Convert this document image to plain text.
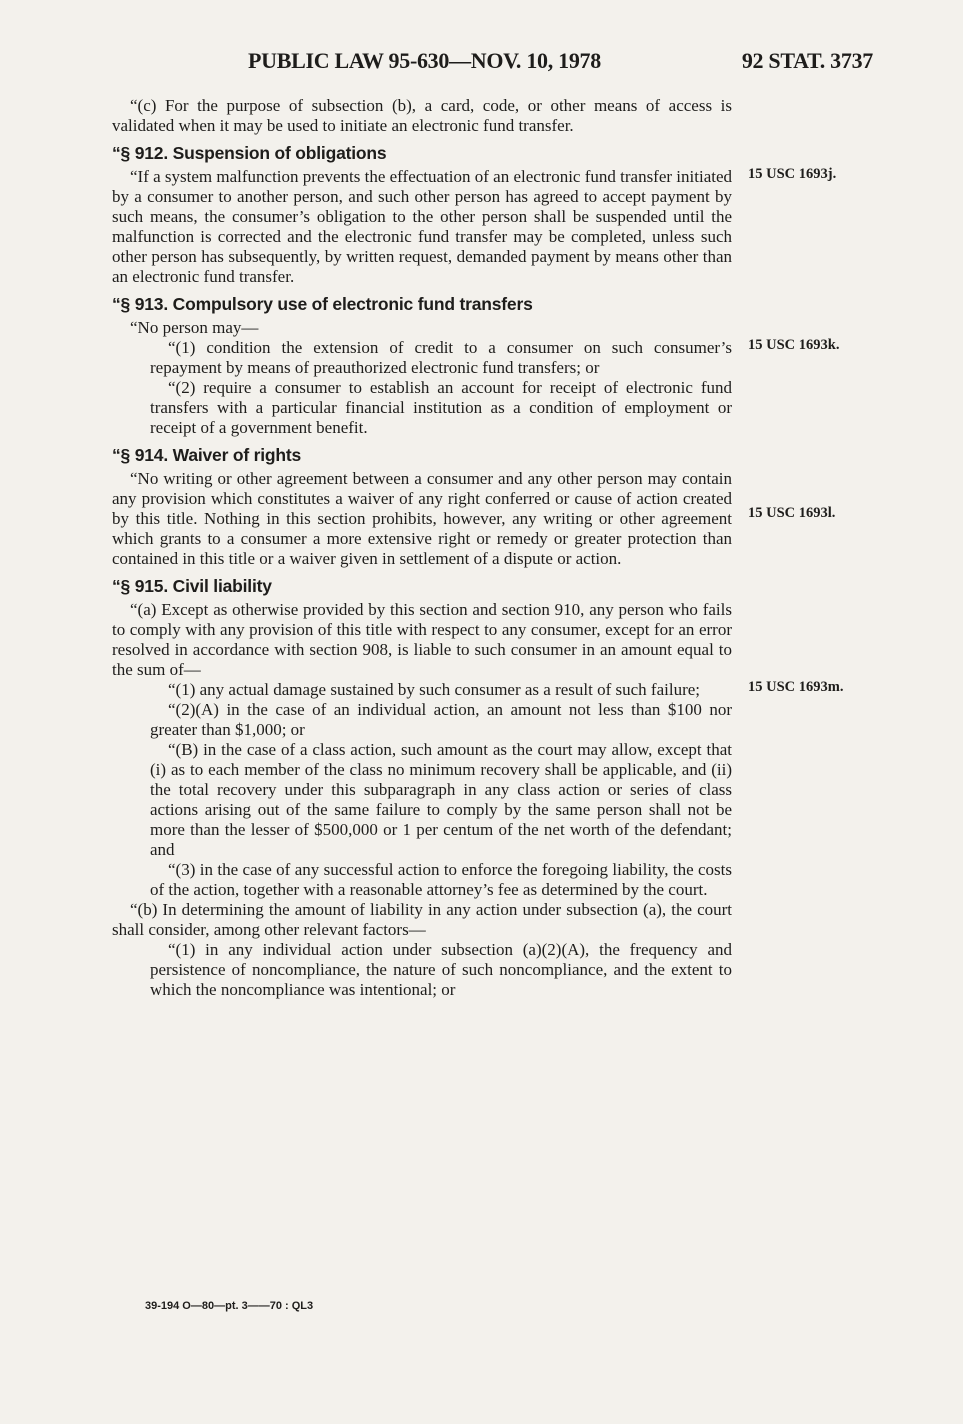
PUBLIC LAW 95-630—NOV. 10, 1978	92 STAT. 3737

“(c) For the purpose of subsection (b), a card, code, or other means of access is validated when it may be used to initiate an electronic fund transfer.

“§ 912. Suspension of obligations

“If a system malfunction prevents the effectuation of an electronic fund transfer initiated by a consumer to another person, and such other person has agreed to accept payment by such means, the consumer’s obligation to the other person shall be suspended until the malfunction is corrected and the electronic fund transfer may be completed, unless such other person has subsequently, by written request, demanded payment by means other than an electronic fund transfer.

“§ 913. Compulsory use of electronic fund transfers

“No person may—

“(1) condition the extension of credit to a consumer on such consumer’s repayment by means of preauthorized electronic fund transfers; or

“(2) require a consumer to establish an account for receipt of electronic fund transfers with a particular financial institution as a condition of employment or receipt of a government benefit.

“§ 914. Waiver of rights

“No writing or other agreement between a consumer and any other person may contain any provision which constitutes a waiver of any right conferred or cause of action created by this title. Nothing in this section prohibits, however, any writing or other agreement which grants to a consumer a more extensive right or remedy or greater protection than contained in this title or a waiver given in settlement of a dispute or action.

“§ 915. Civil liability

“(a) Except as otherwise provided by this section and section 910, any person who fails to comply with any provision of this title with respect to any consumer, except for an error resolved in accordance with section 908, is liable to such consumer in an amount equal to the sum of—

“(1) any actual damage sustained by such consumer as a result of such failure;

“(2)(A) in the case of an individual action, an amount not less than $100 nor greater than $1,000; or

“(B) in the case of a class action, such amount as the court may allow, except that (i) as to each member of the class no minimum recovery shall be applicable, and (ii) the total recovery under this subparagraph in any class action or series of class actions arising out of the same failure to comply by the same person shall not be more than the lesser of $500,000 or 1 per centum of the net worth of the defendant; and

“(3) in the case of any successful action to enforce the foregoing liability, the costs of the action, together with a reasonable attorney’s fee as determined by the court.

“(b) In determining the amount of liability in any action under subsection (a), the court shall consider, among other relevant factors—

“(1) in any individual action under subsection (a)(2)(A), the frequency and persistence of noncompliance, the nature of such noncompliance, and the extent to which the noncompliance was intentional; or

15 USC 1693j.
15 USC 1693k.
15 USC 1693l.
15 USC 1693m.
39-194 O—80—pt. 3——70 : QL3
